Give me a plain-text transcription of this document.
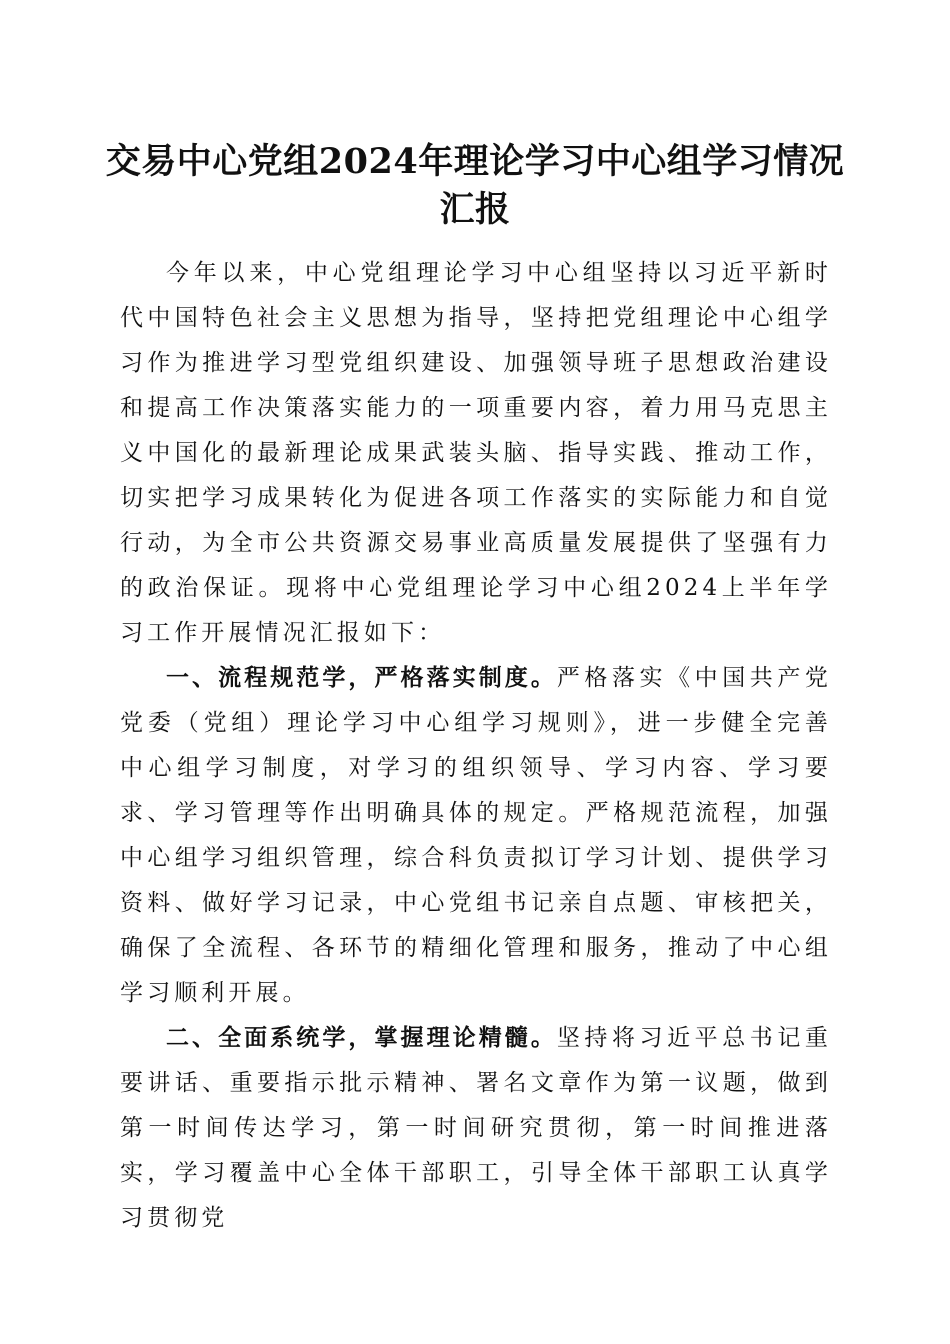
交易中心党组2024年理论学习中心组学习情况汇报

今年以来，中心党组理论学习中心组坚持以习近平新时代中国特色社会主义思想为指导，坚持把党组理论中心组学习作为推进学习型党组织建设、加强领导班子思想政治建设和提高工作决策落实能力的一项重要内容，着力用马克思主义中国化的最新理论成果武装头脑、指导实践、推动工作，切实把学习成果转化为促进各项工作落实的实际能力和自觉行动，为全市公共资源交易事业高质量发展提供了坚强有力的政治保证。现将中心党组理论学习中心组2024上半年学习工作开展情况汇报如下：

一、流程规范学，严格落实制度。严格落实《中国共产党党委（党组）理论学习中心组学习规则》，进一步健全完善中心组学习制度，对学习的组织领导、学习内容、学习要求、学习管理等作出明确具体的规定。严格规范流程，加强中心组学习组织管理，综合科负责拟订学习计划、提供学习资料、做好学习记录，中心党组书记亲自点题、审核把关，确保了全流程、各环节的精细化管理和服务，推动了中心组学习顺利开展。

二、全面系统学，掌握理论精髓。坚持将习近平总书记重要讲话、重要指示批示精神、署名文章作为第一议题，做到第一时间传达学习，第一时间研究贯彻，第一时间推进落实，学习覆盖中心全体干部职工，引导全体干部职工认真学习贯彻党
